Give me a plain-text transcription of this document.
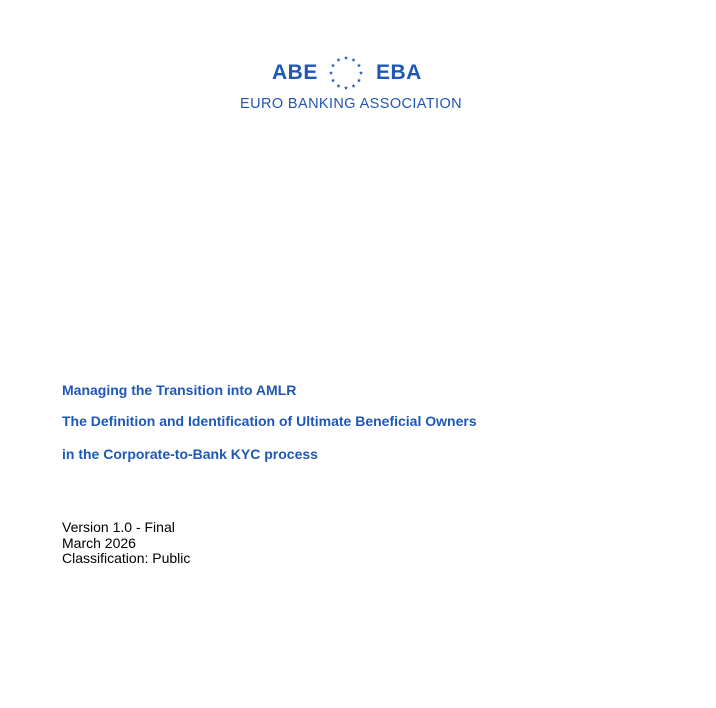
ABE	EBA
EURO BANKING ASSOCIATION
Managing the Transition into AMLR
The Definition and Identification of Ultimate Beneficial Owners
in the Corporate-to-Bank KYC process
Version 1.0 - Final
March 2026
Classification: Public
